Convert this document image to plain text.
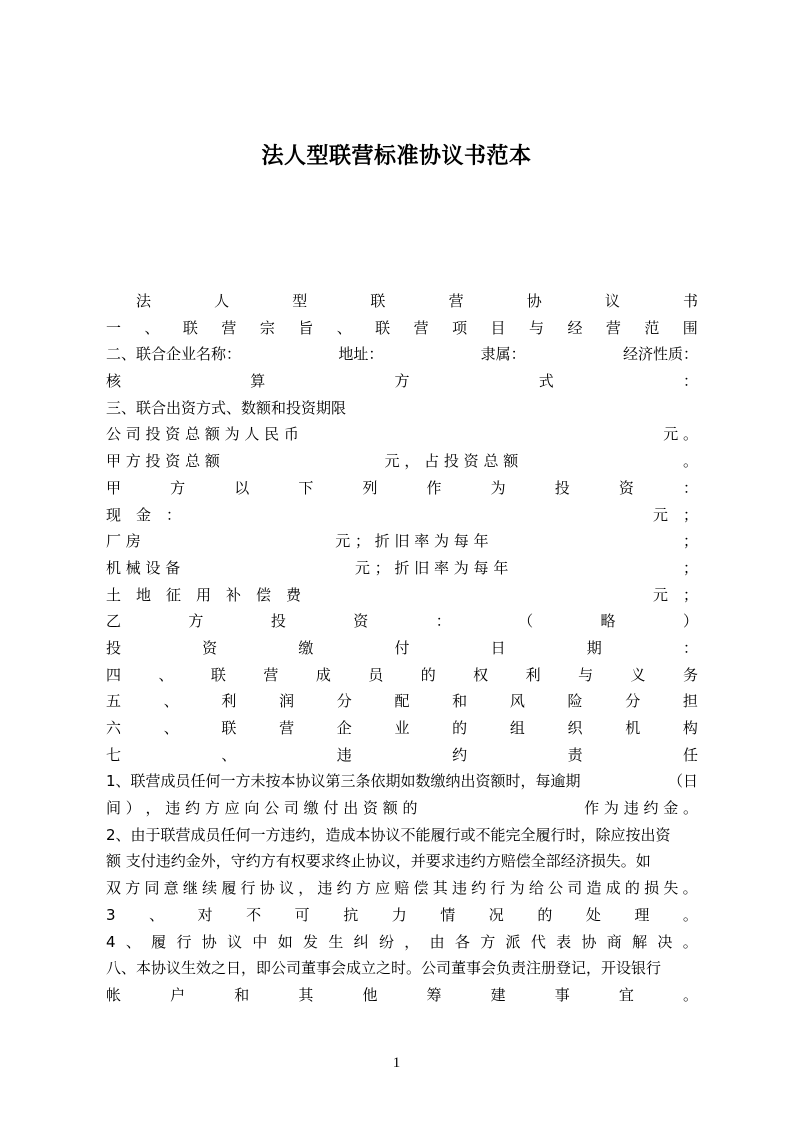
法人型联营标准协议书范本
法	人	型	联	营	协	议	书
一 、 联 营 宗 旨 、 联 营 项 目 与 经 营 范 围
二、联合企业名称：	地址：	隶属：	经济性质：
核	算	方	式	：
三、联合出资方式、数额和投资期限
公 司 投 资 总 额 为 人 民 币	元 。
甲 方 投 资 总 额	元 ， 占 投 资 总 额	。
甲	方	以	下	列	作	为	投	资	：
现　金　：	元　；
厂 房	元 ； 折 旧 率 为 每 年	；
机 械 设 备	元 ； 折 旧 率 为 每 年	；
土　地　征　用　补　偿　费	元　；
乙	方	投	资	：	（	略	）
投	资	缴	付	日	期	：
四 、 联 营 成 员 的 权 利 与 义 务
五	、	利	润	分	配	和	风	险	分	担
六	、	联	营	企	业	的	组	织	机	构
七	、	违	约	责	任
1、联营成员任何一方未按本协议第三条依期如数缴纳出资额时，每逾期	（日
间 ） ， 违 约 方 应 向 公 司 缴 付 出 资 额 的	作 为 违 约 金 。
2、由于联营成员任何一方违约，造成本协议不能履行或不能完全履行时，除应按出资
额 支付违约金外，守约方有权要求终止协议，并要求违约方赔偿全部经济损失。如
双 方 同 意 继 续 履 行 协 议 ， 违 约 方 应 赔 偿 其 违 约 行 为 给 公 司 造 成 的 损 失 。
3 、 对 不 可 抗 力 情 况 的 处 理 。
4 、 履 行 协 议 中 如 发 生 纠 纷 ， 由 各 方 派 代 表 协 商 解 决 。
八、本协议生效之日，即公司董事会成立之时。公司董事会负责注册登记，开设银行
帐	户	和	其	他	筹	建	事	宜	。
1
